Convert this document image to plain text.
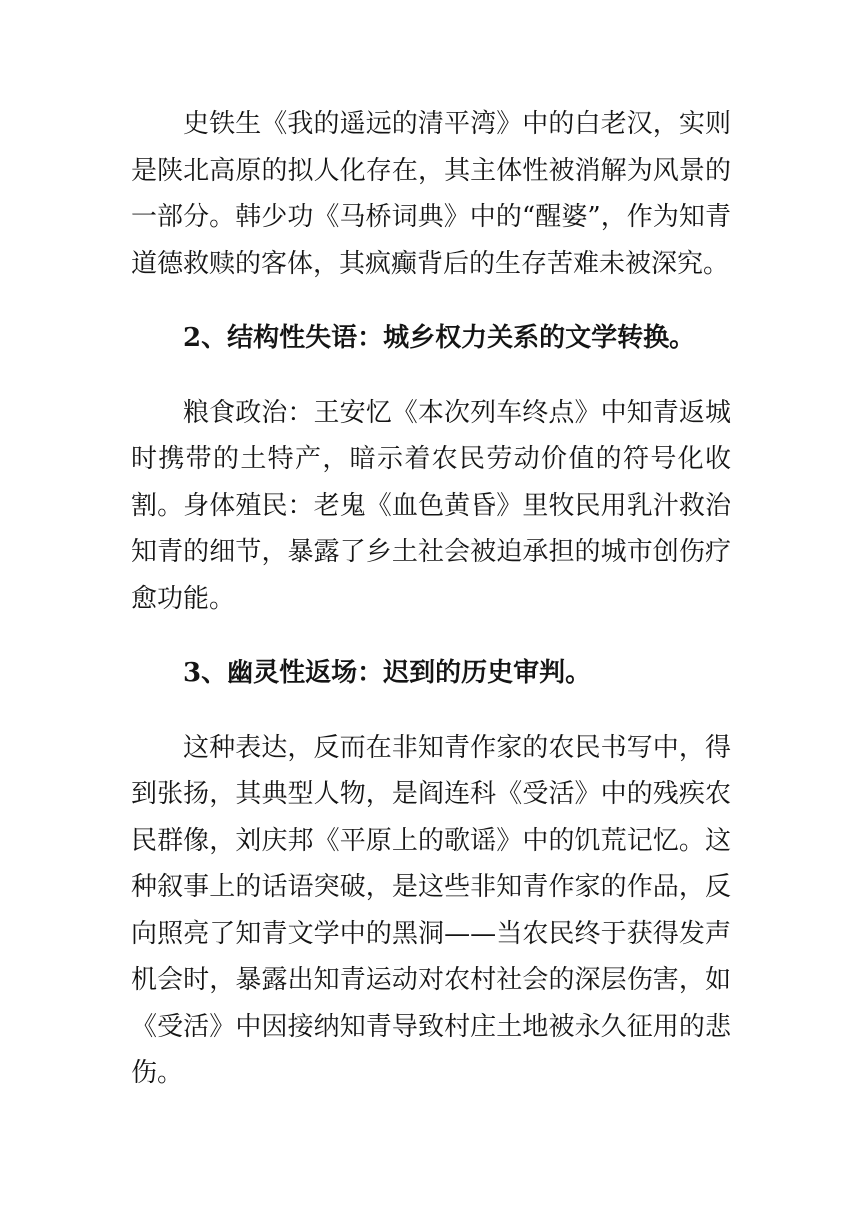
史铁生《我的遥远的清平湾》中的白老汉，实则是陕北高原的拟人化存在，其主体性被消解为风景的一部分。韩少功《马桥词典》中的“醒婆”，作为知青道德救赎的客体，其疯癫背后的生存苦难未被深究。

2、结构性失语：城乡权力关系的文学转换。

粮食政治：王安忆《本次列车终点》中知青返城时携带的土特产，暗示着农民劳动价值的符号化收割。身体殖民：老鬼《血色黄昏》里牧民用乳汁救治知青的细节，暴露了乡土社会被迫承担的城市创伤疗愈功能。

3、幽灵性返场：迟到的历史审判。

这种表达，反而在非知青作家的农民书写中，得到张扬，其典型人物，是阎连科《受活》中的残疾农民群像，刘庆邦《平原上的歌谣》中的饥荒记忆。这种叙事上的话语突破，是这些非知青作家的作品，反向照亮了知青文学中的黑洞——当农民终于获得发声机会时，暴露出知青运动对农村社会的深层伤害，如《受活》中因接纳知青导致村庄土地被永久征用的悲伤。
